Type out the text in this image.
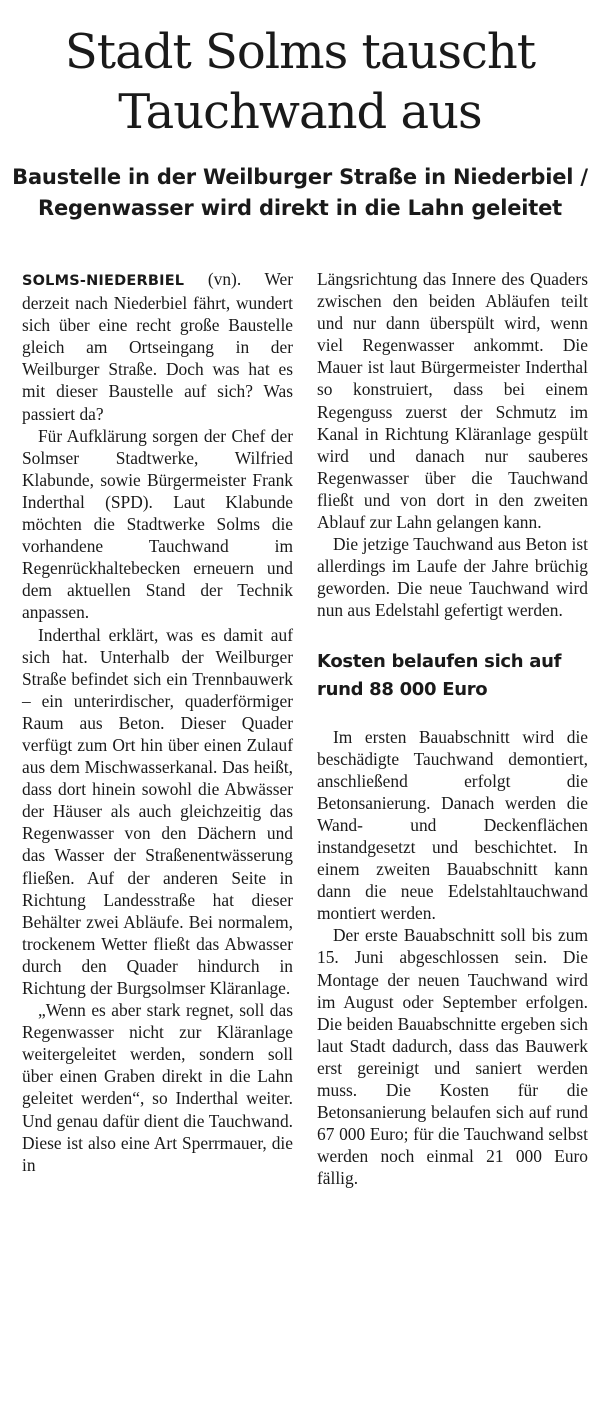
Stadt Solms tauscht Tauchwand aus
Baustelle in der Weilburger Straße in Niederbiel / Regenwasser wird direkt in die Lahn geleitet

SOLMS-NIEDERBIEL (vn). Wer derzeit nach Niederbiel fährt, wundert sich über eine recht große Baustelle gleich am Ortseingang in der Weilburger Straße. Doch was hat es mit dieser Baustelle auf sich? Was passiert da?

Für Aufklärung sorgen der Chef der Solmser Stadtwerke, Wilfried Klabunde, sowie Bürgermeister Frank Inderthal (SPD). Laut Klabunde möchten die Stadtwerke Solms die vorhandene Tauchwand im Regenrückhaltebecken erneuern und dem aktuellen Stand der Technik anpassen.

Inderthal erklärt, was es damit auf sich hat. Unterhalb der Weilburger Straße befindet sich ein Trennbauwerk – ein unterirdischer, quaderförmiger Raum aus Beton. Dieser Quader verfügt zum Ort hin über einen Zulauf aus dem Mischwasserkanal. Das heißt, dass dort hinein sowohl die Abwässer der Häuser als auch gleichzeitig das Regenwasser von den Dächern und das Wasser der Straßenentwässerung fließen. Auf der anderen Seite in Richtung Landesstraße hat dieser Behälter zwei Abläufe. Bei normalem, trockenem Wetter fließt das Abwasser durch den Quader hindurch in Richtung der Burgsolmser Kläranlage.

„Wenn es aber stark regnet, soll das Regenwasser nicht zur Kläranlage weitergeleitet werden, sondern soll über einen Graben direkt in die Lahn geleitet werden“, so Inderthal weiter. Und genau dafür dient die Tauchwand. Diese ist also eine Art Sperrmauer, die in

Längsrichtung das Innere des Quaders zwischen den beiden Abläufen teilt und nur dann überspült wird, wenn viel Regenwasser ankommt. Die Mauer ist laut Bürgermeister Inderthal so konstruiert, dass bei einem Regenguss zuerst der Schmutz im Kanal in Richtung Kläranlage gespült wird und danach nur sauberes Regenwasser über die Tauchwand fließt und von dort in den zweiten Ablauf zur Lahn gelangen kann.

Die jetzige Tauchwand aus Beton ist allerdings im Laufe der Jahre brüchig geworden. Die neue Tauchwand wird nun aus Edelstahl gefertigt werden.

Kosten belaufen sich auf rund 88 000 Euro

Im ersten Bauabschnitt wird die beschädigte Tauchwand demontiert, anschließend erfolgt die Betonsanierung. Danach werden die Wand- und Deckenflächen instandgesetzt und beschichtet. In einem zweiten Bauabschnitt kann dann die neue Edelstahltauchwand montiert werden.

Der erste Bauabschnitt soll bis zum 15. Juni abgeschlossen sein. Die Montage der neuen Tauchwand wird im August oder September erfolgen. Die beiden Bauabschnitte ergeben sich laut Stadt dadurch, dass das Bauwerk erst gereinigt und saniert werden muss. Die Kosten für die Betonsanierung belaufen sich auf rund 67 000 Euro; für die Tauchwand selbst werden noch einmal 21 000 Euro fällig.
